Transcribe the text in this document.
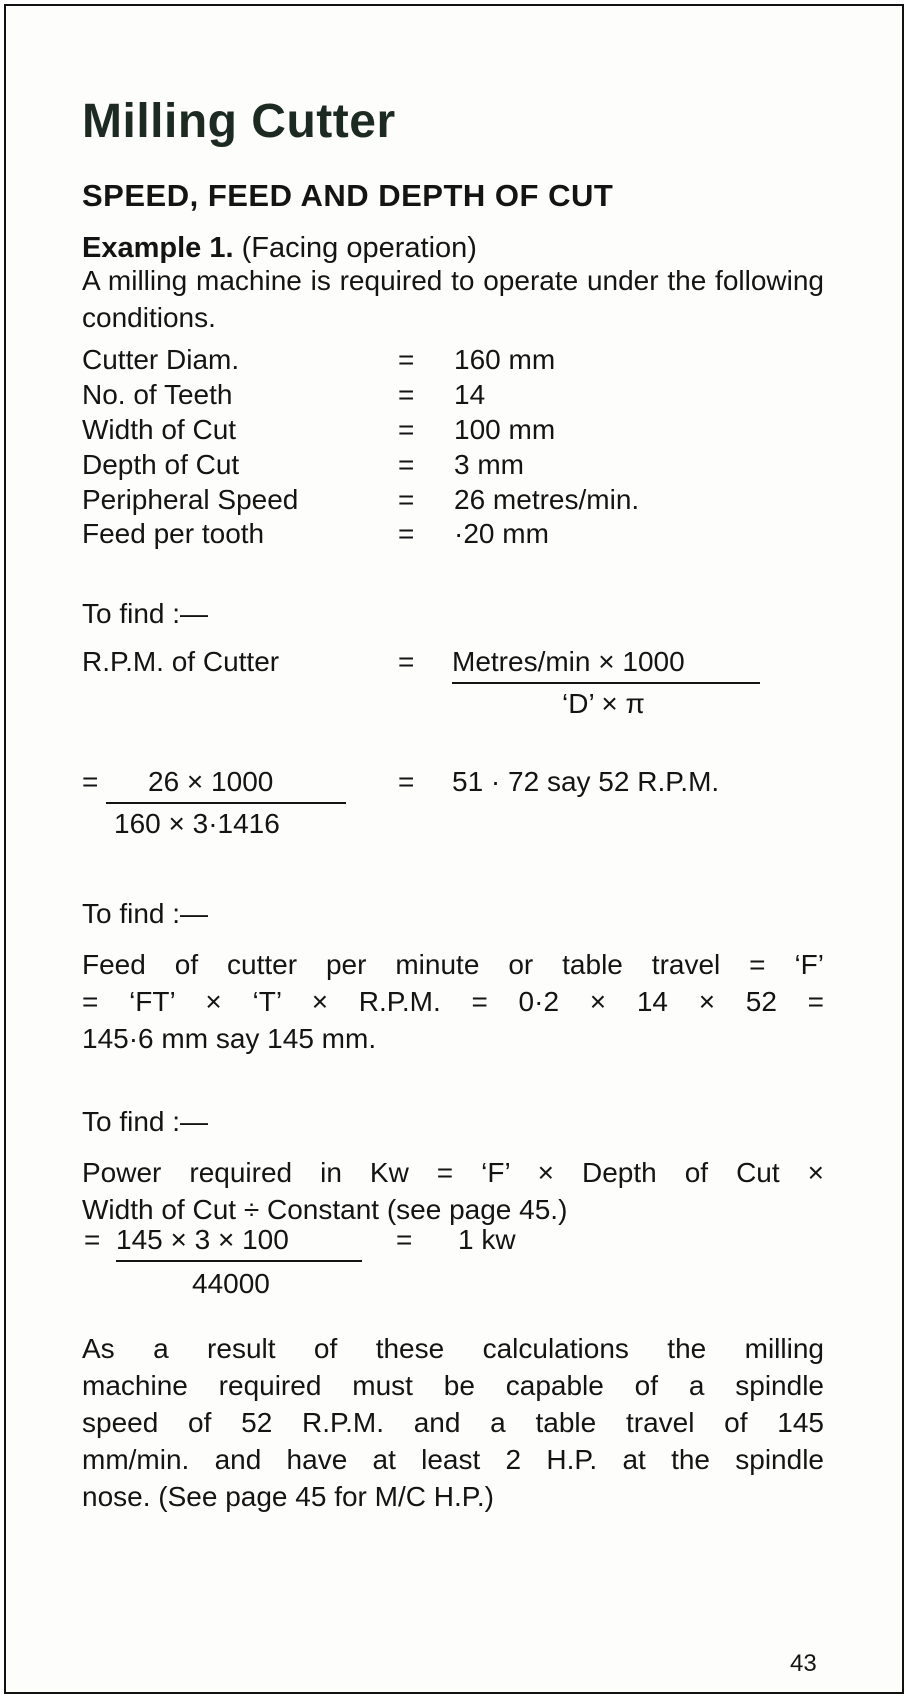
Milling Cutter
SPEED, FEED AND DEPTH OF CUT
Example 1. (Facing operation)
A milling machine is required to operate under the following conditions.
Cutter Diam.	= 160 mm
No. of Teeth	= 14
Width of Cut	= 100 mm
Depth of Cut	= 3 mm
Peripheral Speed	= 26 metres/min.
Feed per tooth	= ·20 mm
To find :—
R.P.M. of Cutter	= Metres/min × 1000
‘D’ × π
= 26 × 1000
160 × 3·1416
= 51 · 72 say 52 R.P.M.
To find :—
Feed of cutter per minute or table travel = ‘F’
= ‘FT’ × ‘T’ × R.P.M. = 0·2 × 14 × 52 =
145·6 mm say 145 mm.
To find :—
Power required in Kw = ‘F’ × Depth of Cut ×
Width of Cut ÷ Constant (see page 45.)
= 145 × 3 × 100
44000
= 1 kw
As a result of these calculations the milling
machine required must be capable of a spindle
speed of 52 R.P.M. and a table travel of 145
mm/min. and have at least 2 H.P. at the spindle
nose. (See page 45 for M/C H.P.)
43
